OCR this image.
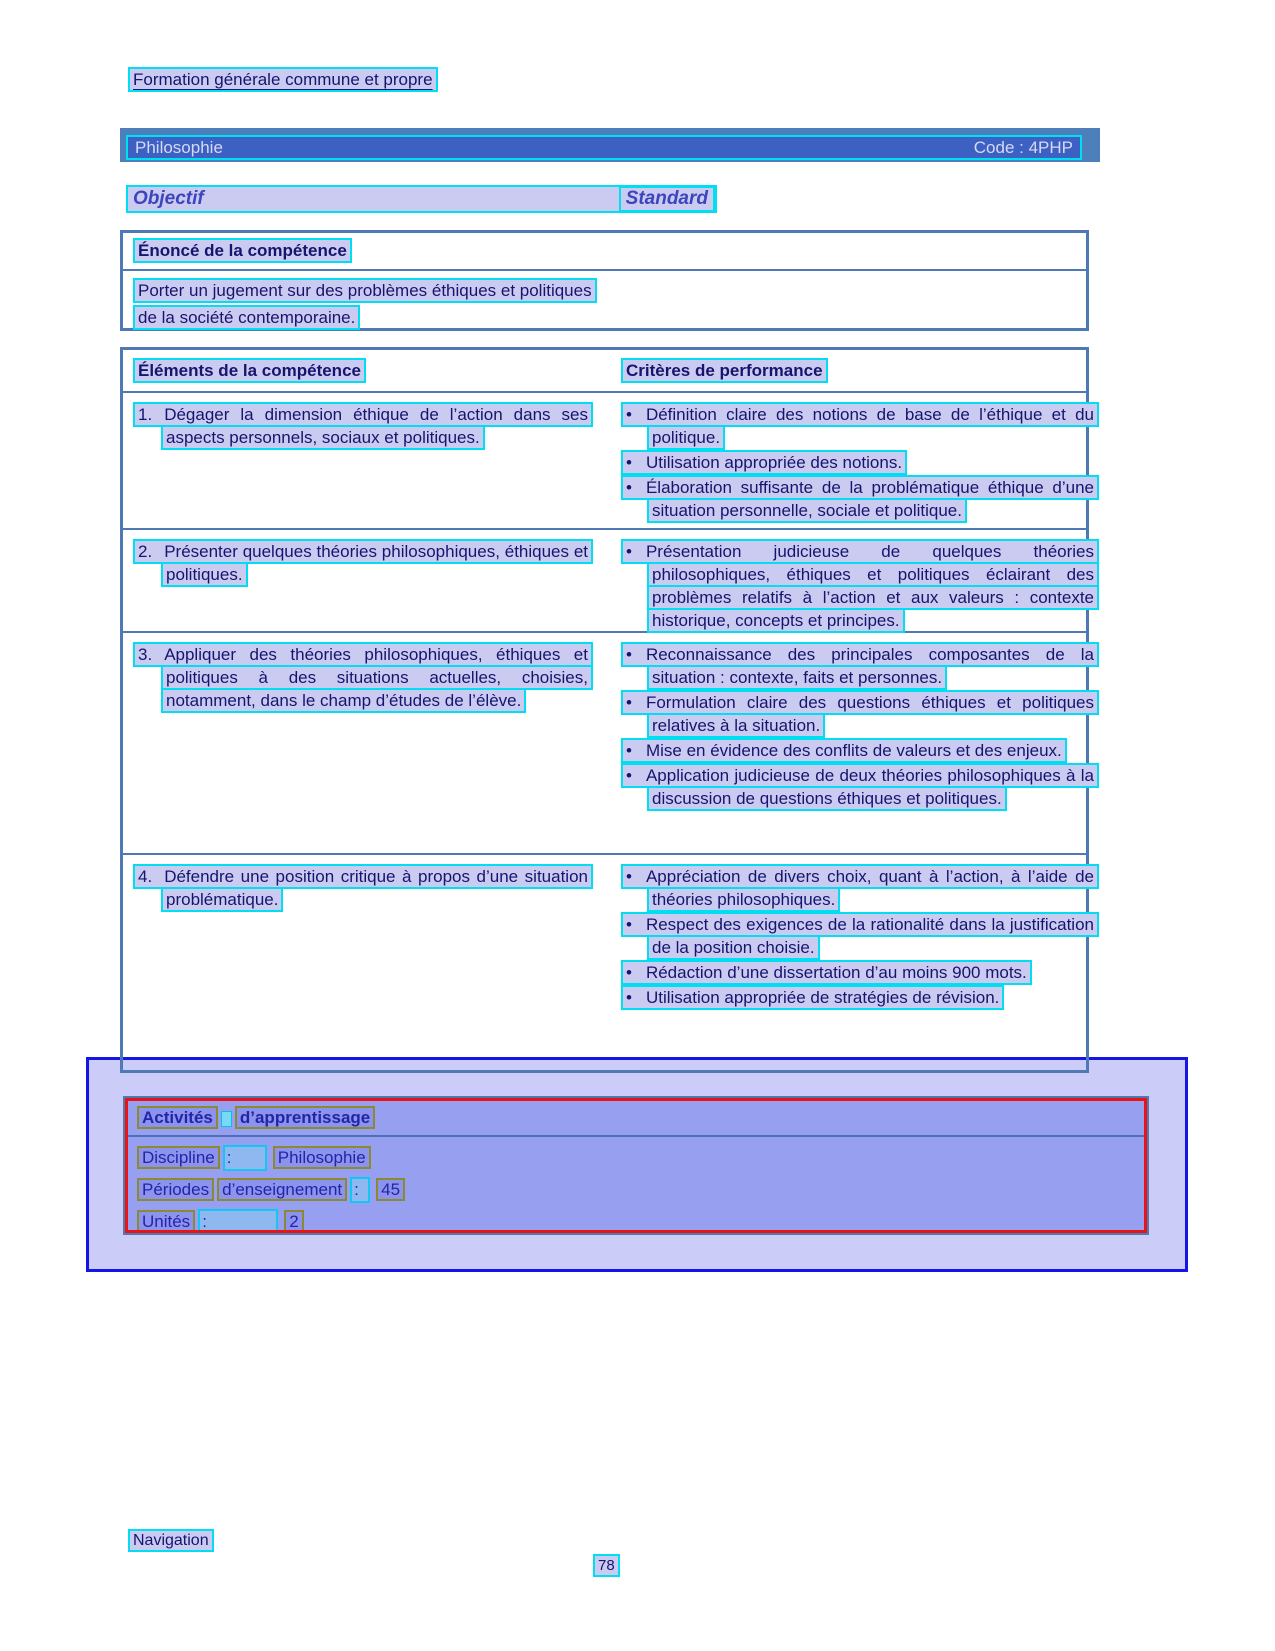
Formation générale commune et propre
Philosophie	Code : 4PHP
Objectif	Standard
Énoncé de la compétence
Porter un jugement sur des problèmes éthiques et politiques de la société contemporaine.
Éléments de la compétence	Critères de performance
1. Dégager la dimension éthique de l’action dans ses aspects personnels, sociaux et politiques.
• Définition claire des notions de base de l’éthique et du politique.
• Utilisation appropriée des notions.
• Élaboration suffisante de la problématique éthique d’une situation personnelle, sociale et politique.
2. Présenter quelques théories philosophiques, éthiques et politiques.
• Présentation judicieuse de quelques théories philosophiques, éthiques et politiques éclairant des problèmes relatifs à l’action et aux valeurs : contexte historique, concepts et principes.
3. Appliquer des théories philosophiques, éthiques et politiques à des situations actuelles, choisies, notamment, dans le champ d’études de l’élève.
• Reconnaissance des principales composantes de la situation : contexte, faits et personnes.
• Formulation claire des questions éthiques et politiques relatives à la situation.
• Mise en évidence des conflits de valeurs et des enjeux.
• Application judicieuse de deux théories philosophiques à la discussion de questions éthiques et politiques.
4. Défendre une position critique à propos d’une situation problématique.
• Appréciation de divers choix, quant à l’action, à l’aide de théories philosophiques.
• Respect des exigences de la rationalité dans la justification de la position choisie.
• Rédaction d’une dissertation d’au moins 900 mots.
• Utilisation appropriée de stratégies de révision.
Activités d’apprentissage
Discipline :	Philosophie
Périodes d’enseignement : 45
Unités :	2
Navigation
78
